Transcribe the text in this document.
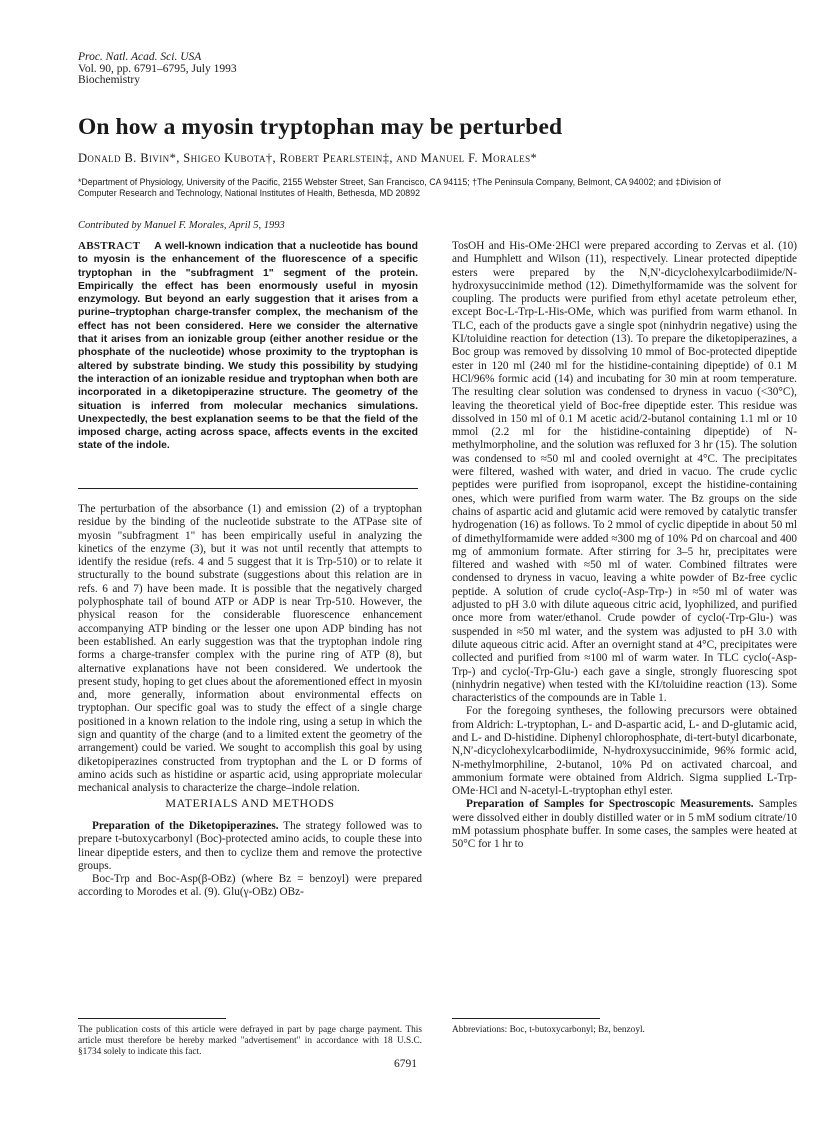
Proc. Natl. Acad. Sci. USA
Vol. 90, pp. 6791–6795, July 1993
Biochemistry
On how a myosin tryptophan may be perturbed
Donald B. Bivin*, Shigeo Kubota†, Robert Pearlstein‡, and Manuel F. Morales*
*Department of Physiology, University of the Pacific, 2155 Webster Street, San Francisco, CA 94115; †The Peninsula Company, Belmont, CA 94002; and ‡Division of Computer Research and Technology, National Institutes of Health, Bethesda, MD 20892
Contributed by Manuel F. Morales, April 5, 1993
ABSTRACT A well-known indication that a nucleotide has bound to myosin is the enhancement of the fluorescence of a specific tryptophan in the "subfragment 1" segment of the protein. Empirically the effect has been enormously useful in myosin enzymology. But beyond an early suggestion that it arises from a purine–tryptophan charge-transfer complex, the mechanism of the effect has not been considered. Here we consider the alternative that it arises from an ionizable group (either another residue or the phosphate of the nucleotide) whose proximity to the tryptophan is altered by substrate binding. We study this possibility by studying the interaction of an ionizable residue and tryptophan when both are incorporated in a diketopiperazine structure. The geometry of the situation is inferred from molecular mechanics simulations. Unexpectedly, the best explanation seems to be that the field of the imposed charge, acting across space, affects events in the excited state of the indole.

The perturbation of the absorbance (1) and emission (2) of a tryptophan residue by the binding of the nucleotide substrate to the ATPase site of myosin "subfragment 1" has been empirically useful in analyzing the kinetics of the enzyme (3), but it was not until recently that attempts to identify the residue (refs. 4 and 5 suggest that it is Trp-510) or to relate it structurally to the bound substrate (suggestions about this relation are in refs. 6 and 7) have been made. It is possible that the negatively charged polyphosphate tail of bound ATP or ADP is near Trp-510. However, the physical reason for the considerable fluorescence enhancement accompanying ATP binding or the lesser one upon ADP binding has not been established. An early suggestion was that the tryptophan indole ring forms a charge-transfer complex with the purine ring of ATP (8), but alternative explanations have not been considered. We undertook the present study, hoping to get clues about the aforementioned effect in myosin and, more generally, information about environmental effects on tryptophan. Our specific goal was to study the effect of a single charge positioned in a known relation to the indole ring, using a setup in which the sign and quantity of the charge (and to a limited extent the geometry of the arrangement) could be varied. We sought to accomplish this goal by using diketopiperazines constructed from tryptophan and the L or D forms of amino acids such as histidine or aspartic acid, using appropriate molecular mechanical analysis to characterize the charge–indole relation.

MATERIALS AND METHODS

Preparation of the Diketopiperazines. The strategy followed was to prepare t-butoxycarbonyl (Boc)-protected amino acids, to couple these into linear dipeptide esters, and then to cyclize them and remove the protective groups.

Boc-Trp and Boc-Asp(β-OBz) (where Bz = benzoyl) were prepared according to Morodes et al. (9). Glu(γ-OBz) OBz-

TosOH and His-OMe·2HCl were prepared according to Zervas et al. (10) and Humphlett and Wilson (11), respectively. Linear protected dipeptide esters were prepared by the N,N′-dicyclohexylcarbodiimide/N-hydroxysuccinimide method (12). Dimethylformamide was the solvent for coupling. The products were purified from ethyl acetate petroleum ether, except Boc-L-Trp-L-His-OMe, which was purified from warm ethanol. In TLC, each of the products gave a single spot (ninhydrin negative) using the KI/toluidine reaction for detection (13). To prepare the diketopiperazines, a Boc group was removed by dissolving 10 mmol of Boc-protected dipeptide ester in 120 ml (240 ml for the histidine-containing dipeptide) of 0.1 M HCl/96% formic acid (14) and incubating for 30 min at room temperature. The resulting clear solution was condensed to dryness in vacuo (<30°C), leaving the theoretical yield of Boc-free dipeptide ester. This residue was dissolved in 150 ml of 0.1 M acetic acid/2-butanol containing 1.1 ml or 10 mmol (2.2 ml for the histidine-containing dipeptide) of N-methylmorpholine, and the solution was refluxed for 3 hr (15). The solution was condensed to ≈50 ml and cooled overnight at 4°C. The precipitates were filtered, washed with water, and dried in vacuo. The crude cyclic peptides were purified from isopropanol, except the histidine-containing ones, which were purified from warm water. The Bz groups on the side chains of aspartic acid and glutamic acid were removed by catalytic transfer hydrogenation (16) as follows. To 2 mmol of cyclic dipeptide in about 50 ml of dimethylformamide were added ≈300 mg of 10% Pd on charcoal and 400 mg of ammonium formate. After stirring for 3–5 hr, precipitates were filtered and washed with ≈50 ml of water. Combined filtrates were condensed to dryness in vacuo, leaving a white powder of Bz-free cyclic peptide. A solution of crude cyclo(-Asp-Trp-) in ≈50 ml of water was adjusted to pH 3.0 with dilute aqueous citric acid, lyophilized, and purified once more from water/ethanol. Crude powder of cyclo(-Trp-Glu-) was suspended in ≈50 ml water, and the system was adjusted to pH 3.0 with dilute aqueous citric acid. After an overnight stand at 4°C, precipitates were collected and purified from ≈100 ml of warm water. In TLC cyclo(-Asp-Trp-) and cyclo(-Trp-Glu-) each gave a single, strongly fluorescing spot (ninhydrin negative) when tested with the KI/toluidine reaction (13). Some characteristics of the compounds are in Table 1.

For the foregoing syntheses, the following precursors were obtained from Aldrich: L-tryptophan, L- and D-aspartic acid, L- and D-glutamic acid, and L- and D-histidine. Diphenyl chlorophosphate, di-tert-butyl dicarbonate, N,N′-dicyclohexylcarbodiimide, N-hydroxysuccinimide, 96% formic acid, N-methylmorphiline, 2-butanol, 10% Pd on activated charcoal, and ammonium formate were obtained from Aldrich. Sigma supplied L-Trp-OMe·HCl and N-acetyl-L-tryptophan ethyl ester.

Preparation of Samples for Spectroscopic Measurements. Samples were dissolved either in doubly distilled water or in 5 mM sodium citrate/10 mM potassium phosphate buffer. In some cases, the samples were heated at 50°C for 1 hr to

The publication costs of this article were defrayed in part by page charge payment. This article must therefore be hereby marked "advertisement" in accordance with 18 U.S.C. §1734 solely to indicate this fact.
Abbreviations: Boc, t-butoxycarbonyl; Bz, benzoyl.
6791
